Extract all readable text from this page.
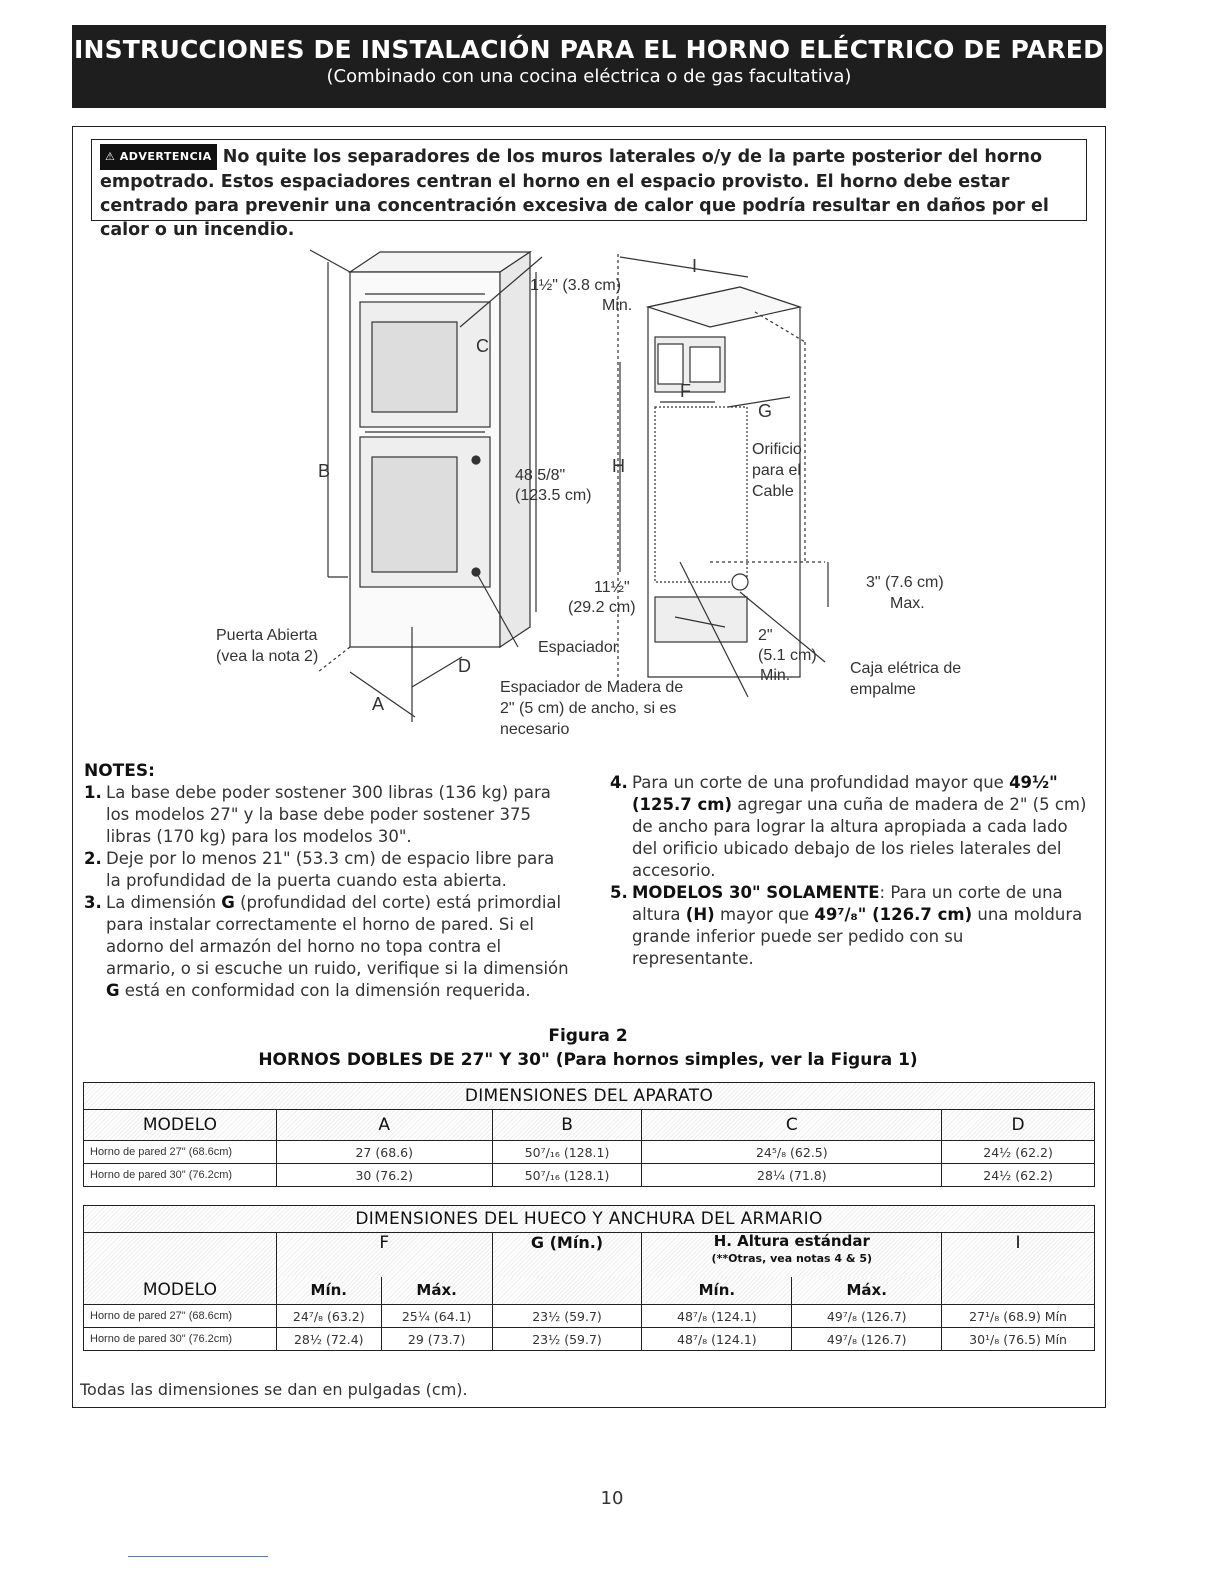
INSTRUCCIONES DE INSTALACIÓN PARA EL HORNO ELÉCTRICO DE PARED
(Combinado con una cocina eléctrica o de gas facultativa)
⚠ ADVERTENCIA No quite los separadores de los muros laterales o/y de la parte posterior del horno empotrado. Estos espaciadores centran el horno en el espacio provisto. El horno debe estar centrado para prevenir una concentración excesiva de calor que podría resultar en daños por el calor o un incendio.
1½" (3.8 cm)
Min.
I
C
F
G
B	H
D
A
48 5/8"
(123.5 cm)
Orificio
para el
Cable
11½"
(29.2 cm)
3" (7.6 cm)
Max.
2"
(5.1 cm)
Min.
Puerta Abierta
(vea la nota 2)
Espaciador
Espaciador de Madera de
2" (5 cm) de ancho, si es
necesario
Caja elétrica de
empalme
NOTES:
1. La base debe poder sostener 300 libras (136 kg) para los modelos 27" y la base debe poder sostener 375 libras (170 kg) para los modelos 30".
2. Deje por lo menos 21" (53.3 cm) de espacio libre para la profundidad de la puerta cuando esta abierta.
3. La dimensión G (profundidad del corte) está primordial para instalar correctamente el horno de pared. Si el adorno del armazón del horno no topa contra el armario, o si escuche un ruido, verifique si la dimensión G está en conformidad con la dimensión requerida.
4. Para un corte de una profundidad mayor que 49½" (125.7 cm) agregar una cuña de madera de 2" (5 cm) de ancho para lograr la altura apropiada a cada lado del orificio ubicado debajo de los rieles laterales del accesorio.
5. MODELOS 30" SOLAMENTE: Para un corte de una altura (H) mayor que 49⁷/₈" (126.7 cm) una moldura grande inferior puede ser pedido con su representante.
Figura 2
HORNOS DOBLES DE 27" Y 30" (Para hornos simples, ver la Figura 1)
DIMENSIONES DEL APARATO				
MODELO	A	B	C	D
Horno de pared 27" (68.6cm)	27 (68.6)	50⁷/₁₆ (128.1)	24⁵/₈ (62.5)	24½ (62.2)
Horno de pared 30" (76.2cm)	30 (76.2)	50⁷/₁₆ (128.1)	28¼ (71.8)	24½ (62.2)
DIMENSIONES DEL HUECO Y ANCHURA DEL ARMARIO						
MODELO	F		G (Mín.)	H. Altura estándar
(**Otras, vea notas 4 & 5)		I
	Mín.	Máx.		Mín.	Máx.	
Horno de pared 27" (68.6cm)	24⁷/₈ (63.2)	25¼ (64.1)	23½ (59.7)	48⁷/₈ (124.1)	49⁷/₈ (126.7)	27¹/₈ (68.9) Mín
Horno de pared 30" (76.2cm)	28½ (72.4)	29 (73.7)	23½ (59.7)	48⁷/₈ (124.1)	49⁷/₈ (126.7)	30¹/₈ (76.5) Mín
Todas las dimensiones se dan en pulgadas (cm).
10
